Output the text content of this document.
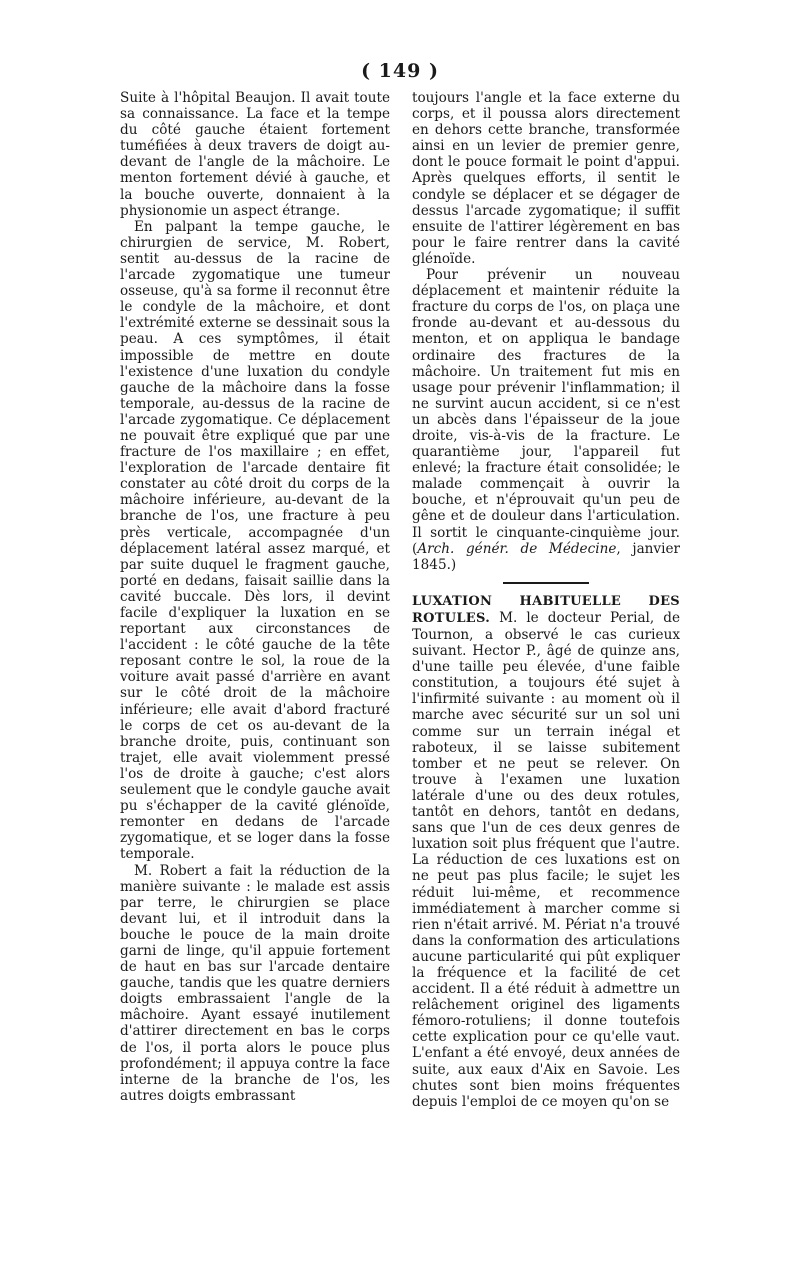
( 149 )

Suite à l'hôpital Beaujon. Il avait toute sa connaissance. La face et la tempe du côté gauche étaient fortement tuméfiées à deux travers de doigt au-devant de l'angle de la mâchoire. Le menton fortement dévié à gauche, et la bouche ouverte, donnaient à la physionomie un aspect étrange.

En palpant la tempe gauche, le chirurgien de service, M. Robert, sentit au-dessus de la racine de l'arcade zygomatique une tumeur osseuse, qu'à sa forme il reconnut être le condyle de la mâchoire, et dont l'extrémité externe se dessinait sous la peau. A ces symptômes, il était impossible de mettre en doute l'existence d'une luxation du condyle gauche de la mâchoire dans la fosse temporale, au-dessus de la racine de l'arcade zygomatique. Ce déplacement ne pouvait être expliqué que par une fracture de l'os maxillaire ; en effet, l'exploration de l'arcade dentaire fit constater au côté droit du corps de la mâchoire inférieure, au-devant de la branche de l'os, une fracture à peu près verticale, accompagnée d'un déplacement latéral assez marqué, et par suite duquel le fragment gauche, porté en dedans, faisait saillie dans la cavité buccale. Dès lors, il devint facile d'expliquer la luxation en se reportant aux circonstances de l'accident : le côté gauche de la tête reposant contre le sol, la roue de la voiture avait passé d'arrière en avant sur le côté droit de la mâchoire inférieure; elle avait d'abord fracturé le corps de cet os au-devant de la branche droite, puis, continuant son trajet, elle avait violemment pressé l'os de droite à gauche; c'est alors seulement que le condyle gauche avait pu s'échapper de la cavité glénoïde, remonter en dedans de l'arcade zygomatique, et se loger dans la fosse temporale.

M. Robert a fait la réduction de la manière suivante : le malade est assis par terre, le chirurgien se place devant lui, et il introduit dans la bouche le pouce de la main droite garni de linge, qu'il appuie fortement de haut en bas sur l'arcade dentaire gauche, tandis que les quatre derniers doigts embrassaient l'angle de la mâchoire. Ayant essayé inutilement d'attirer directement en bas le corps de l'os, il porta alors le pouce plus profondément; il appuya contre la face interne de la branche de l'os, les autres doigts embrassant

toujours l'angle et la face externe du corps, et il poussa alors directement en dehors cette branche, transformée ainsi en un levier de premier genre, dont le pouce formait le point d'appui. Après quelques efforts, il sentit le condyle se déplacer et se dégager de dessus l'arcade zygomatique; il suffit ensuite de l'attirer légèrement en bas pour le faire rentrer dans la cavité glénoïde.

Pour prévenir un nouveau déplacement et maintenir réduite la fracture du corps de l'os, on plaça une fronde au-devant et au-dessous du menton, et on appliqua le bandage ordinaire des fractures de la mâchoire. Un traitement fut mis en usage pour prévenir l'inflammation; il ne survint aucun accident, si ce n'est un abcès dans l'épaisseur de la joue droite, vis-à-vis de la fracture. Le quarantième jour, l'appareil fut enlevé; la fracture était consolidée; le malade commençait à ouvrir la bouche, et n'éprouvait qu'un peu de gêne et de douleur dans l'articulation. Il sortit le cinquante-cinquième jour. (Arch. génér. de Médecine, janvier 1845.)

LUXATION HABITUELLE DES ROTULES. M. le docteur Perial, de Tournon, a observé le cas curieux suivant. Hector P., âgé de quinze ans, d'une taille peu élevée, d'une faible constitution, a toujours été sujet à l'infirmité suivante : au moment où il marche avec sécurité sur un sol uni comme sur un terrain inégal et raboteux, il se laisse subitement tomber et ne peut se relever. On trouve à l'examen une luxation latérale d'une ou des deux rotules, tantôt en dehors, tantôt en dedans, sans que l'un de ces deux genres de luxation soit plus fréquent que l'autre. La réduction de ces luxations est on ne peut pas plus facile; le sujet les réduit lui-même, et recommence immédiatement à marcher comme si rien n'était arrivé. M. Périat n'a trouvé dans la conformation des articulations aucune particularité qui pût expliquer la fréquence et la facilité de cet accident. Il a été réduit à admettre un relâchement originel des ligaments fémoro-rotuliens; il donne toutefois cette explication pour ce qu'elle vaut. L'enfant a été envoyé, deux années de suite, aux eaux d'Aix en Savoie. Les chutes sont bien moins fréquentes depuis l'emploi de ce moyen qu'on se
